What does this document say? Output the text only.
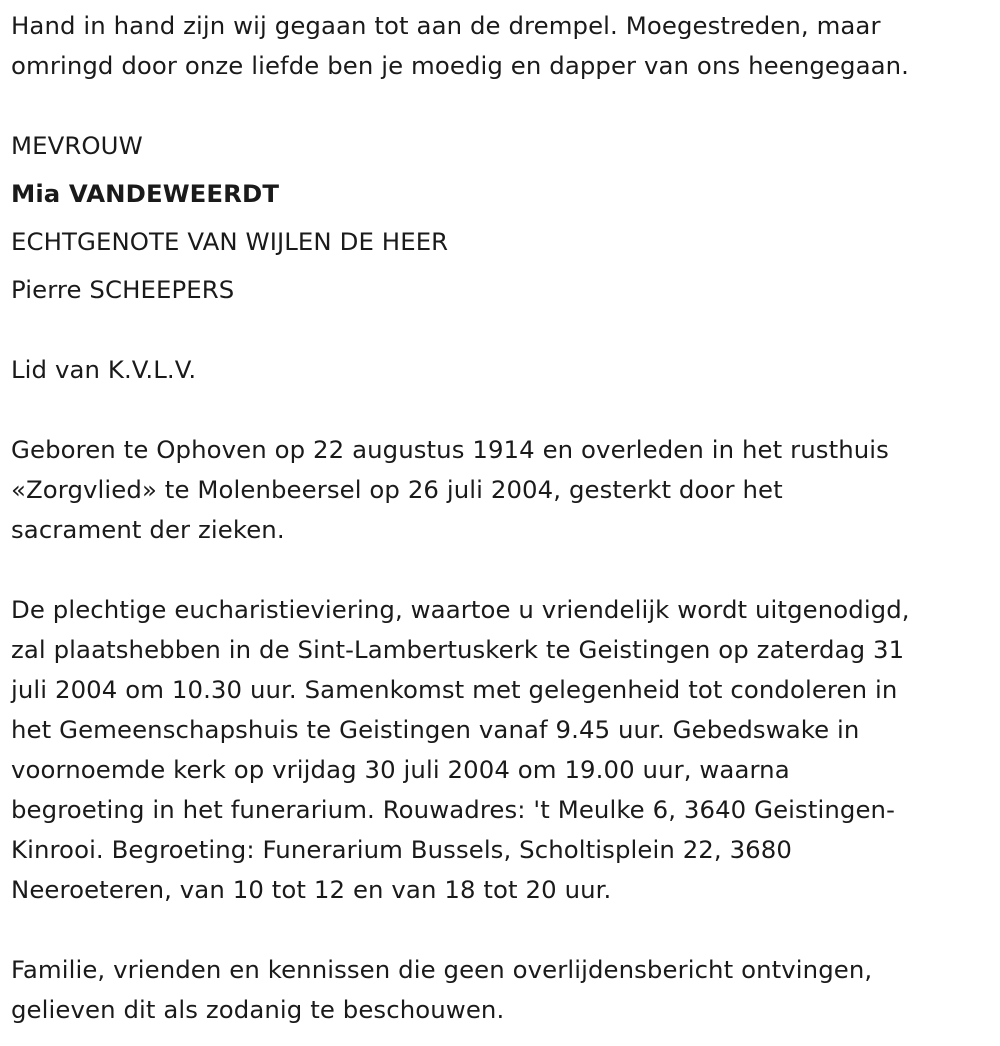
Hand in hand zijn wij gegaan tot aan de drempel. Moegestreden, maar
omringd door onze liefde ben je moedig en dapper van ons heengegaan.
MEVROUW
Mia VANDEWEERDT
ECHTGENOTE VAN WIJLEN DE HEER
Pierre SCHEEPERS
Lid van K.V.L.V.
Geboren te Ophoven op 22 augustus 1914 en overleden in het rusthuis
«Zorgvlied» te Molenbeersel op 26 juli 2004, gesterkt door het
sacrament der zieken.
De plechtige eucharistieviering, waartoe u vriendelijk wordt uitgenodigd,
zal plaatshebben in de Sint-Lambertuskerk te Geistingen op zaterdag 31
juli 2004 om 10.30 uur. Samenkomst met gelegenheid tot condoleren in
het Gemeenschapshuis te Geistingen vanaf 9.45 uur. Gebedswake in
voornoemde kerk op vrijdag 30 juli 2004 om 19.00 uur, waarna
begroeting in het funerarium. Rouwadres: 't Meulke 6, 3640 Geistingen-
Kinrooi. Begroeting: Funerarium Bussels, Scholtisplein 22, 3680
Neeroeteren, van 10 tot 12 en van 18 tot 20 uur.
Familie, vrienden en kennissen die geen overlijdensbericht ontvingen,
gelieven dit als zodanig te beschouwen.
